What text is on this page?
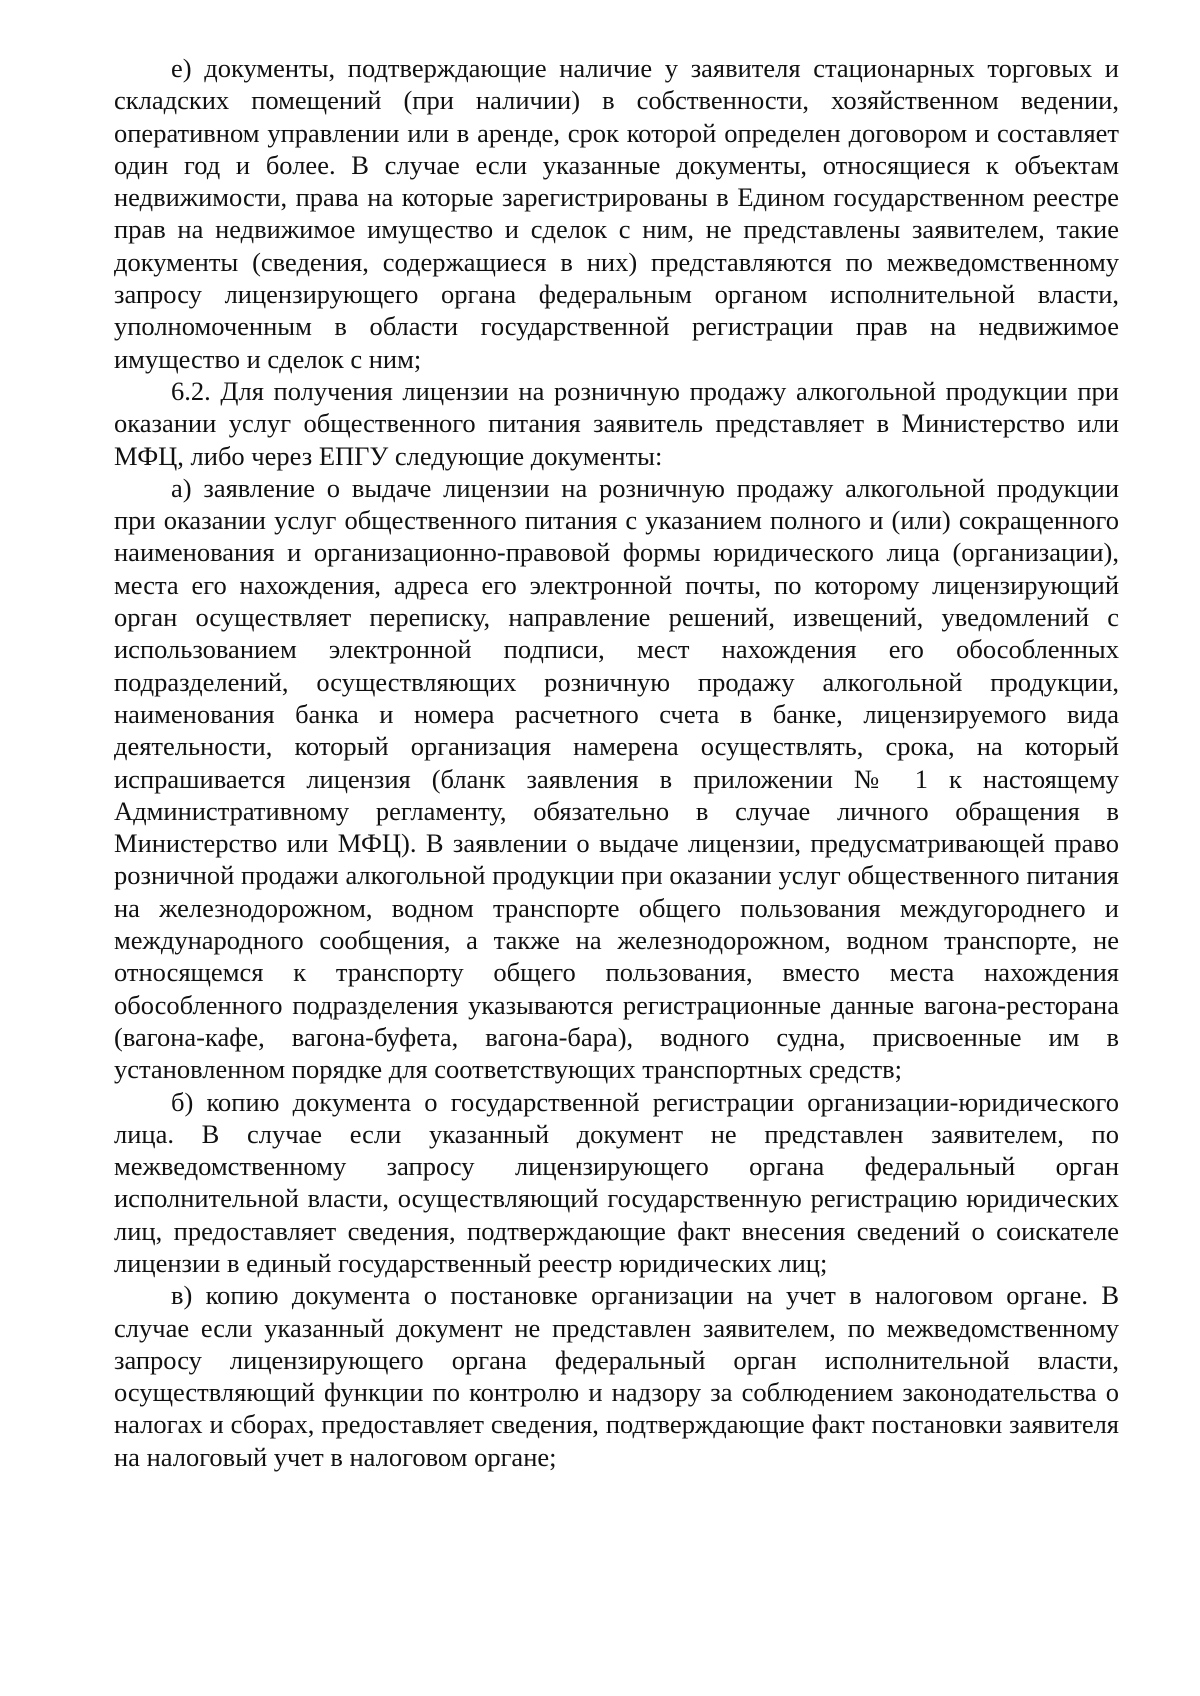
е) документы, подтверждающие наличие у заявителя стационарных торговых и складских помещений (при наличии) в собственности, хозяйственном ведении, оперативном управлении или в аренде, срок которой определен договором и составляет один год и более. В случае если указанные документы, относящиеся к объектам недвижимости, права на которые зарегистрированы в Едином государственном реестре прав на недвижимое имущество и сделок с ним, не представлены заявителем, такие документы (сведения, содержащиеся в них) представляются по межведомственному запросу лицензирующего органа федеральным органом исполнительной власти, уполномоченным в области государственной регистрации прав на недвижимое имущество и сделок с ним;

6.2. Для получения лицензии на розничную продажу алкогольной продукции при оказании услуг общественного питания заявитель представляет в Министерство или МФЦ, либо через ЕПГУ следующие документы:

а) заявление о выдаче лицензии на розничную продажу алкогольной продукции при оказании услуг общественного питания с указанием полного и (или) сокращенного наименования и организационно-правовой формы юридического лица (организации), места его нахождения, адреса его электронной почты, по которому лицензирующий орган осуществляет переписку, направление решений, извещений, уведомлений с использованием электронной подписи, мест нахождения его обособленных подразделений, осуществляющих розничную продажу алкогольной продукции, наименования банка и номера расчетного счета в банке, лицензируемого вида деятельности, который организация намерена осуществлять, срока, на который испрашивается лицензия (бланк заявления в приложении № 1 к настоящему Административному регламенту, обязательно в случае личного обращения в Министерство или МФЦ). В заявлении о выдаче лицензии, предусматривающей право розничной продажи алкогольной продукции при оказании услуг общественного питания на железнодорожном, водном транспорте общего пользования междугороднего и международного сообщения, а также на железнодорожном, водном транспорте, не относящемся к транспорту общего пользования, вместо места нахождения обособленного подразделения указываются регистрационные данные вагона-ресторана (вагона-кафе, вагона-буфета, вагона-бара), водного судна, присвоенные им в установленном порядке для соответствующих транспортных средств;

б) копию документа о государственной регистрации организации-юридического лица. В случае если указанный документ не представлен заявителем, по межведомственному запросу лицензирующего органа федеральный орган исполнительной власти, осуществляющий государственную регистрацию юридических лиц, предоставляет сведения, подтверждающие факт внесения сведений о соискателе лицензии в единый государственный реестр юридических лиц;

в) копию документа о постановке организации на учет в налоговом органе. В случае если указанный документ не представлен заявителем, по межведомственному запросу лицензирующего органа федеральный орган исполнительной власти, осуществляющий функции по контролю и надзору за соблюдением законодательства о налогах и сборах, предоставляет сведения, подтверждающие факт постановки заявителя на налоговый учет в налоговом органе;
